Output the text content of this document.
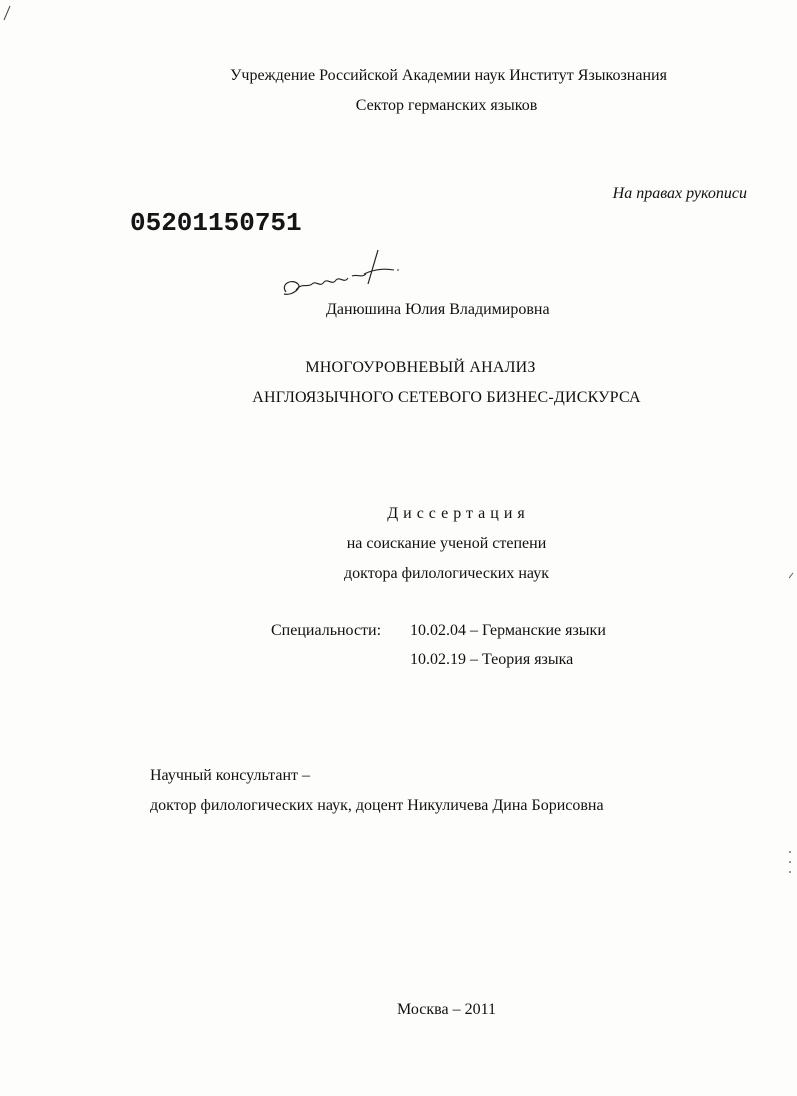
Учреждение Российской Академии наук Институт Языкознания
Сектор германских языков
На правах рукописи
05201150751
Данюшина Юлия Владимировна
МНОГОУРОВНЕВЫЙ АНАЛИЗ
АНГЛОЯЗЫЧНОГО СЕТЕВОГО БИЗНЕС-ДИСКУРСА
Диссертация
на соискание ученой степени
доктора филологических наук
Специальности: 10.02.04 – Германские языки
10.02.19 – Теория языка
Научный консультант –
доктор филологических наук, доцент Никуличева Дина Борисовна
Москва – 2011
